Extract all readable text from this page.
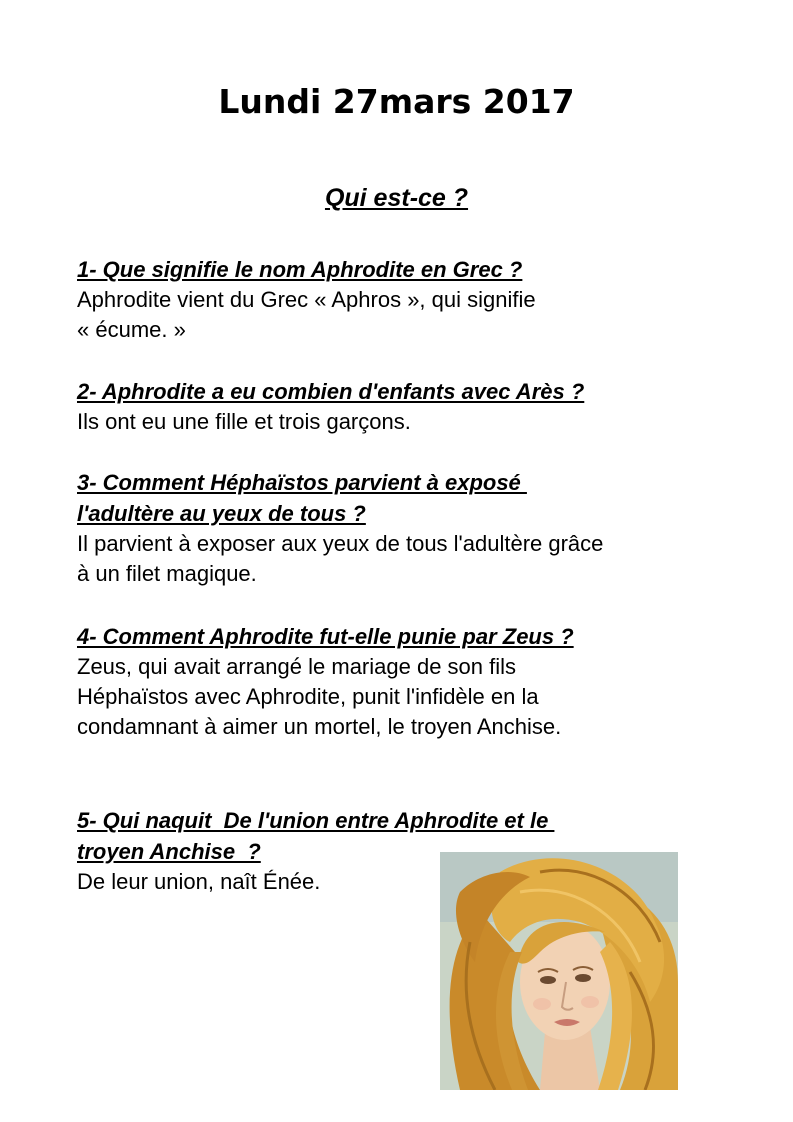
Lundi 27mars 2017
Qui est-ce ?

1- Que signifie le nom Aphrodite en Grec ?

Aphrodite vient du Grec « Aphros », qui signifie

« écume. »

2- Aphrodite a eu combien d'enfants avec Arès ?

Ils ont eu une fille et trois garçons.

3- Comment Héphaïstos parvient à exposé

l'adultère au yeux de tous ?

Il parvient à exposer aux yeux de tous l'adultère grâce

à un filet magique.

4- Comment Aphrodite fut-elle punie par Zeus ?

Zeus, qui avait arrangé le mariage de son fils

Héphaïstos avec Aphrodite, punit l'infidèle en la

condamnant à aimer un mortel, le troyen Anchise.

5- Qui naquit  De l'union entre Aphrodite et le

troyen Anchise  ?

De leur union, naît Énée.
